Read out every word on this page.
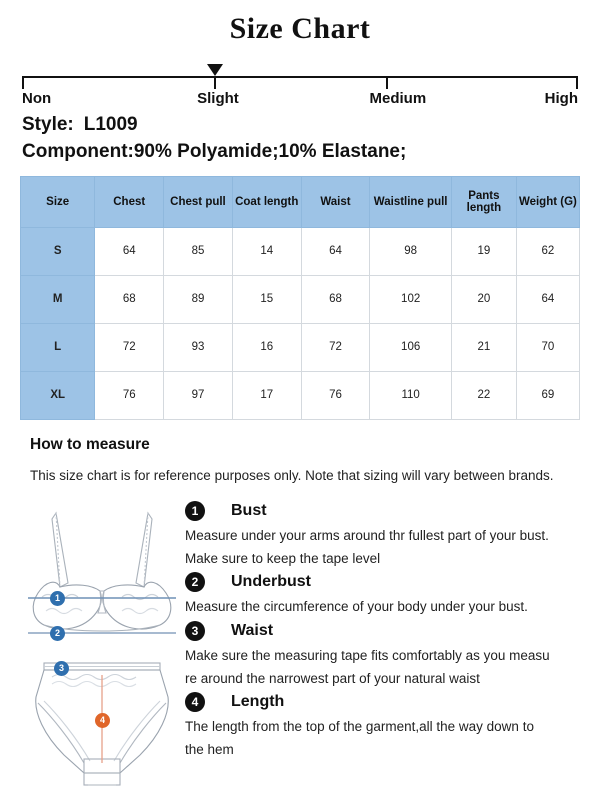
Size Chart
Non	Slight	Medium	High
Style: L1009
Component:90% Polyamide;10% Elastane;
Size	Chest	Chest pull	Coat length	Waist	Waistline pull	Pants length	Weight (G)
S	64	85	14	64	98	19	62
M	68	89	15	68	102	20	64
L	72	93	16	72	106	21	70
XL	76	97	17	76	110	22	69
How to measure
This size chart is for reference purposes only. Note that sizing will vary between brands.
1
2
3
4
1	Bust
Measure under your arms around thr fullest part of your bust.
Make sure to keep the tape level
2	Underbust
Measure the circumference of your body under your bust.
3	Waist
Make sure the measuring tape fits comfortably as you measu
re around the narrowest part of your natural waist
4	Length
The length from the top of the garment,all the way down to
the hem
